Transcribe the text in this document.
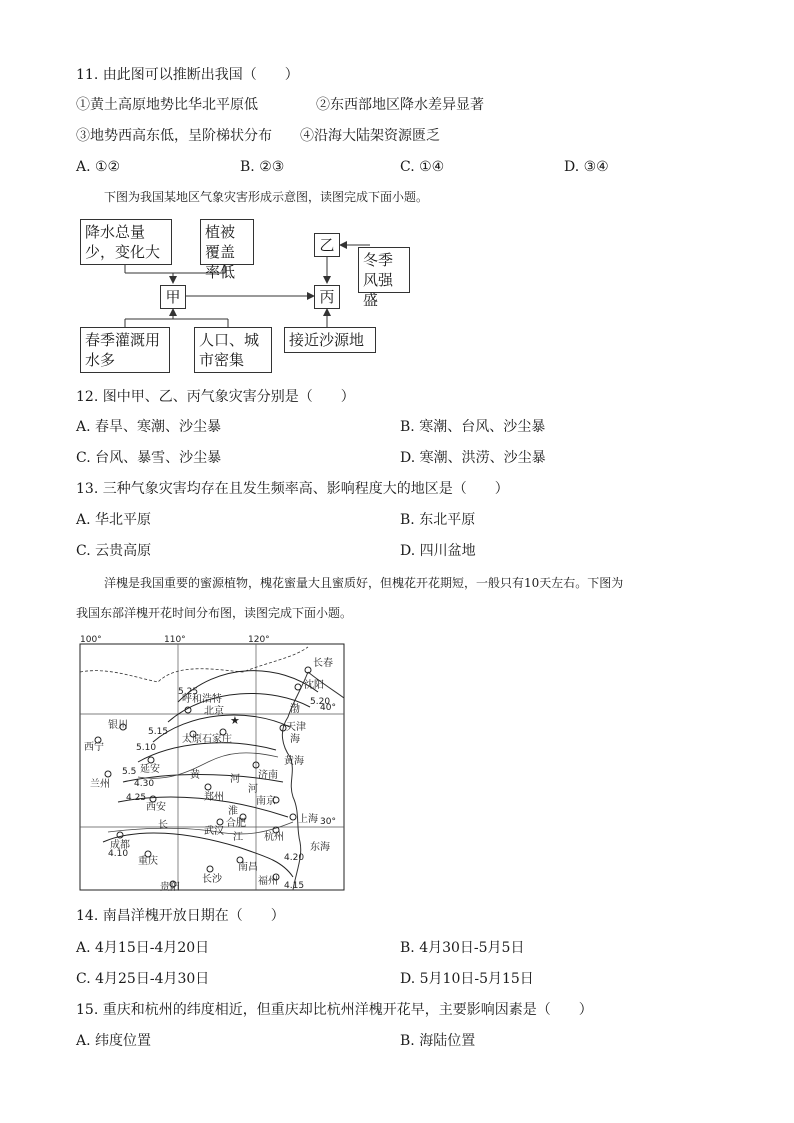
11. 由此图可以推断出我国（　　）
①黄土高原地势比华北平原低	②东西部地区降水差异显著
③地势西高东低，呈阶梯状分布 ④沿海大陆架资源匮乏
A. ①②	B. ②③	C. ①④	D. ③④
下图为我国某地区气象灾害形成示意图，读图完成下面小题。
降水总量少，变化大
植被覆盖率低
甲
乙
丙
冬季风强盛
春季灌溉用水多
人口、城市密集
接近沙源地
12. 图中甲、乙、丙气象灾害分别是（　　）
A. 春旱、寒潮、沙尘暴	B. 寒潮、台风、沙尘暴
C. 台风、暴雪、沙尘暴	D. 寒潮、洪涝、沙尘暴
13. 三种气象灾害均存在且发生频率高、影响程度大的地区是（　　）
A. 华北平原	B. 东北平原
C. 云贵高原	D. 四川盆地
洋槐是我国重要的蜜源植物，槐花蜜量大且蜜质好，但槐花开花期短，一般只有10天左右。下图为
我国东部洋槐开花时间分布图，读图完成下面小题。
★
100°	110°	120°
40°
30°
长春
沈阳
呼和浩特
北京
天津
太原 石家庄
银川
西宁
兰州
延安
济南
郑州
西安
南京
上海
合肥
武汉
杭州
成都
重庆
长沙
南昌
福州
贵阳
5.25
5.20
5.15
5.10
5.5
4.30
4.25
4.20
4.15
4.10
黄	河
黄海
淮
河
长
江
东海
渤
海
14. 南昌洋槐开放日期在（　　）
A. 4月15日-4月20日	B. 4月30日-5月5日
C. 4月25日-4月30日	D. 5月10日-5月15日
15. 重庆和杭州的纬度相近，但重庆却比杭州洋槐开花早，主要影响因素是（　　）
A. 纬度位置	B. 海陆位置
